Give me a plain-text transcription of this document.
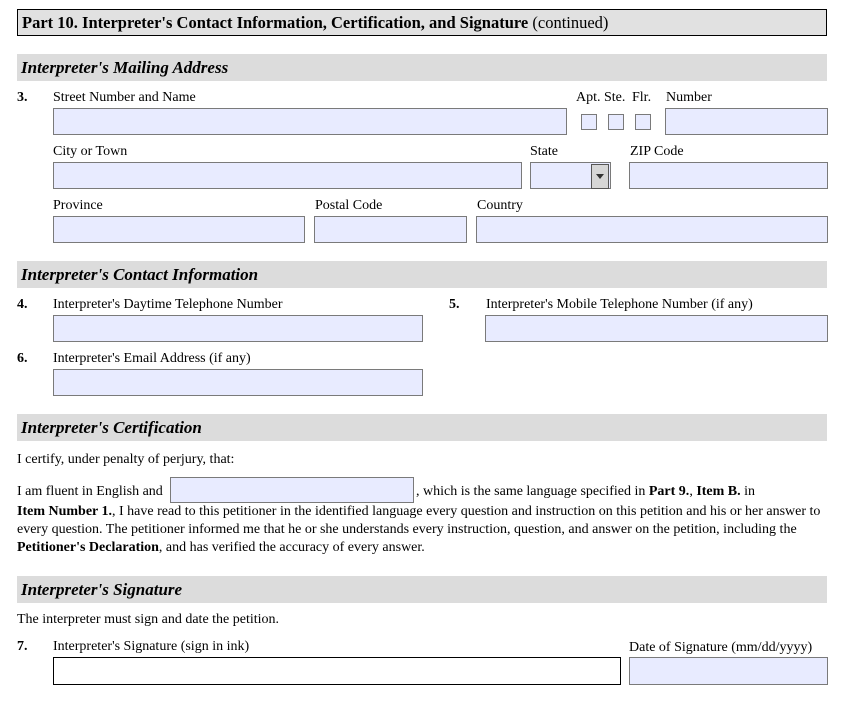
Part 10. Interpreter's Contact Information, Certification, and Signature (continued)
Interpreter's Mailing Address
3. Street Number and Name	Apt. Ste. Flr. Number
City or Town	State	ZIP Code
Province	Postal Code	Country
Interpreter's Contact Information
4. Interpreter's Daytime Telephone Number	5. Interpreter's Mobile Telephone Number (if any)
6. Interpreter's Email Address (if any)
Interpreter's Certification
I certify, under penalty of perjury, that:
I am fluent in English and	, which is the same language specified in Part 9., Item B. in
Item Number 1., I have read to this petitioner in the identified language every question and instruction on this petition and his or her answer to every question. The petitioner informed me that he or she understands every instruction, question, and answer on the petition, including the Petitioner's Declaration, and has verified the accuracy of every answer.
Interpreter's Signature
The interpreter must sign and date the petition.
7. Interpreter's Signature (sign in ink)	Date of Signature (mm/dd/yyyy)
